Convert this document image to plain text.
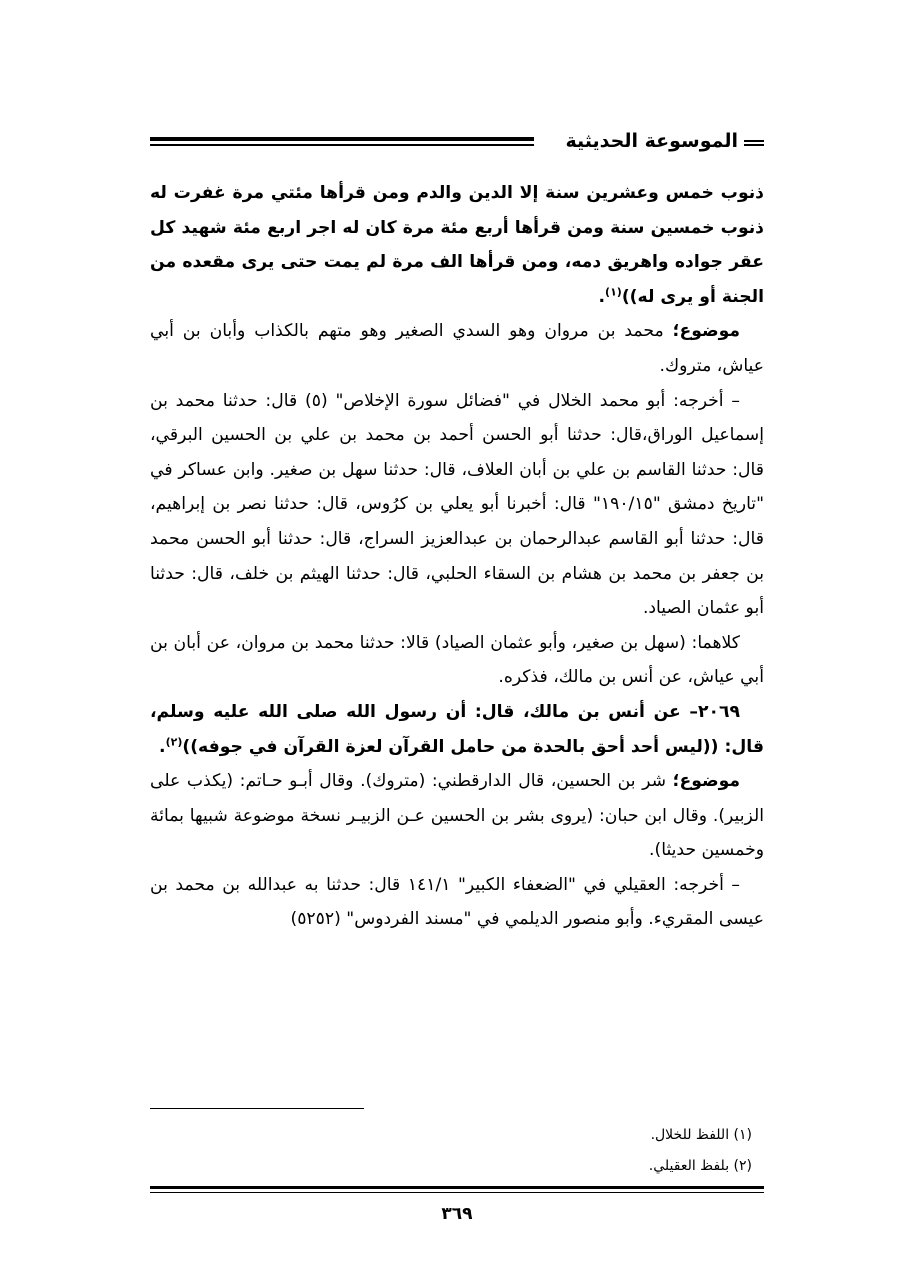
الموسوعة الحديثية

ذنوب خمس وعشرين سنة إلا الدين والدم ومن قرأها مئتي مرة غفرت له ذنوب خمسين سنة ومن قرأها أربع مئة مرة كان له اجر اربع مئة شهيد كل عقر جواده واهريق دمه، ومن قرأها الف مرة لم يمت حتى يرى مقعده من الجنة أو يرى له))$^{(١)}$.

موضوع؛ محمد بن مروان وهو السدي الصغير وهو متهم بالكذاب وأبان بن أبي عياش، متروك.

– أخرجه: أبو محمد الخلال في "فضائل سورة الإخلاص" (٥) قال: حدثنا محمد بن إسماعيل الوراق،قال: حدثنا أبو الحسن أحمد بن محمد بن علي بن الحسين البرقي، قال: حدثنا القاسم بن علي بن أبان العلاف، قال: حدثنا سهل بن صغير. وابن عساكر في "تاريخ دمشق "١٩٠/١٥" قال: أخبرنا أبو يعلي بن كرُوس، قال: حدثنا نصر بن إبراهيم، قال: حدثنا أبو القاسم عبدالرحمان بن عبدالعزيز السراج، قال: حدثنا أبو الحسن محمد بن جعفر بن محمد بن هشام بن السقاء الحلبي، قال: حدثنا الهيثم بن خلف، قال: حدثنا أبو عثمان الصياد.

كلاهما: (سهل بن صغير، وأبو عثمان الصياد) قالا: حدثنا محمد بن مروان، عن أبان بن أبي عياش، عن أنس بن مالك، فذكره.

٢٠٦٩– عن أنس بن مالك، قال: أن رسول الله صلى الله عليه وسلم، قال: ((ليس أحد أحق بالحدة من حامل القرآن لعزة القرآن في جوفه))$^{(٢)}$.

موضوع؛ شر بن الحسين، قال الدارقطني: (متروك). وقال أبـو حـاتم: (يكذب على الزبير). وقال ابن حبان: (يروى بشر بن الحسين عـن الزبيـر نسخة موضوعة شبيها بمائة وخمسين حديثا).

– أخرجه: العقيلي في "الضعفاء الكبير" ١٤١/١ قال: حدثنا به عبدالله بن محمد بن عيسى المقريء. وأبو منصور الديلمي في "مسند الفردوس" (٥٢٥٢)

(١) اللفظ للخلال.

(٢) بلفظ العقيلي.

٣٦٩
